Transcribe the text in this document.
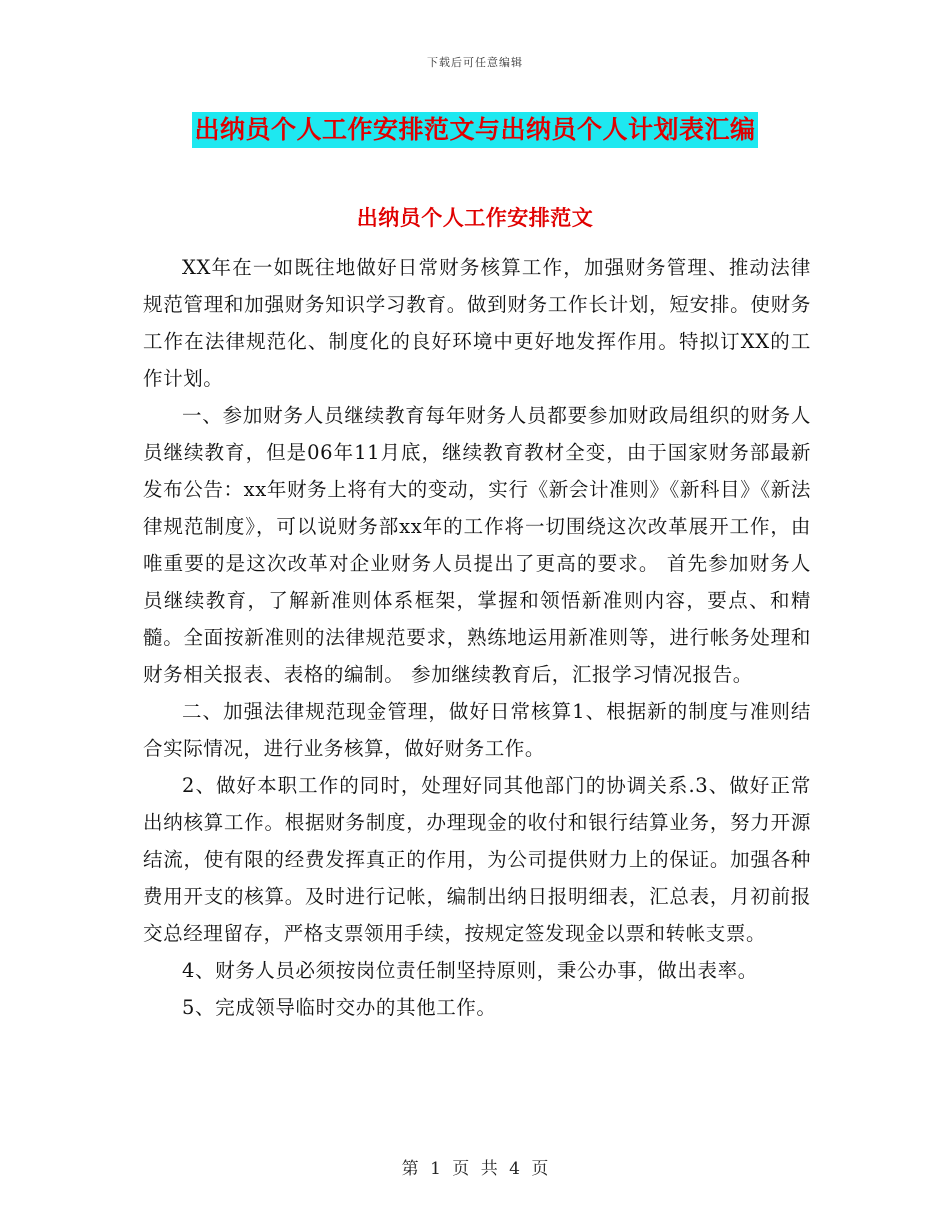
下载后可任意编辑
出纳员个人工作安排范文与出纳员个人计划表汇编
出纳员个人工作安排范文

XX年在一如既往地做好日常财务核算工作，加强财务管理、推动法律规范管理和加强财务知识学习教育。做到财务工作长计划，短安排。使财务工作在法律规范化、制度化的良好环境中更好地发挥作用。特拟订XX的工作计划。

一、参加财务人员继续教育每年财务人员都要参加财政局组织的财务人员继续教育，但是06年11月底，继续教育教材全变，由于国家财务部最新发布公告：xx年财务上将有大的变动，实行《新会计准则》《新科目》《新法律规范制度》，可以说财务部xx年的工作将一切围绕这次改革展开工作，由唯重要的是这次改革对企业财务人员提出了更高的要求。 首先参加财务人员继续教育，了解新准则体系框架，掌握和领悟新准则内容，要点、和精髓。全面按新准则的法律规范要求，熟练地运用新准则等，进行帐务处理和财务相关报表、表格的编制。 参加继续教育后，汇报学习情况报告。

二、加强法律规范现金管理，做好日常核算1、根据新的制度与准则结合实际情况，进行业务核算，做好财务工作。

2、做好本职工作的同时，处理好同其他部门的协调关系.3、做好正常出纳核算工作。根据财务制度，办理现金的收付和银行结算业务，努力开源结流，使有限的经费发挥真正的作用，为公司提供财力上的保证。加强各种费用开支的核算。及时进行记帐，编制出纳日报明细表，汇总表，月初前报交总经理留存，严格支票领用手续，按规定签发现金以票和转帐支票。

4、财务人员必须按岗位责任制坚持原则，秉公办事，做出表率。

5、完成领导临时交办的其他工作。

第 1 页 共 4 页
